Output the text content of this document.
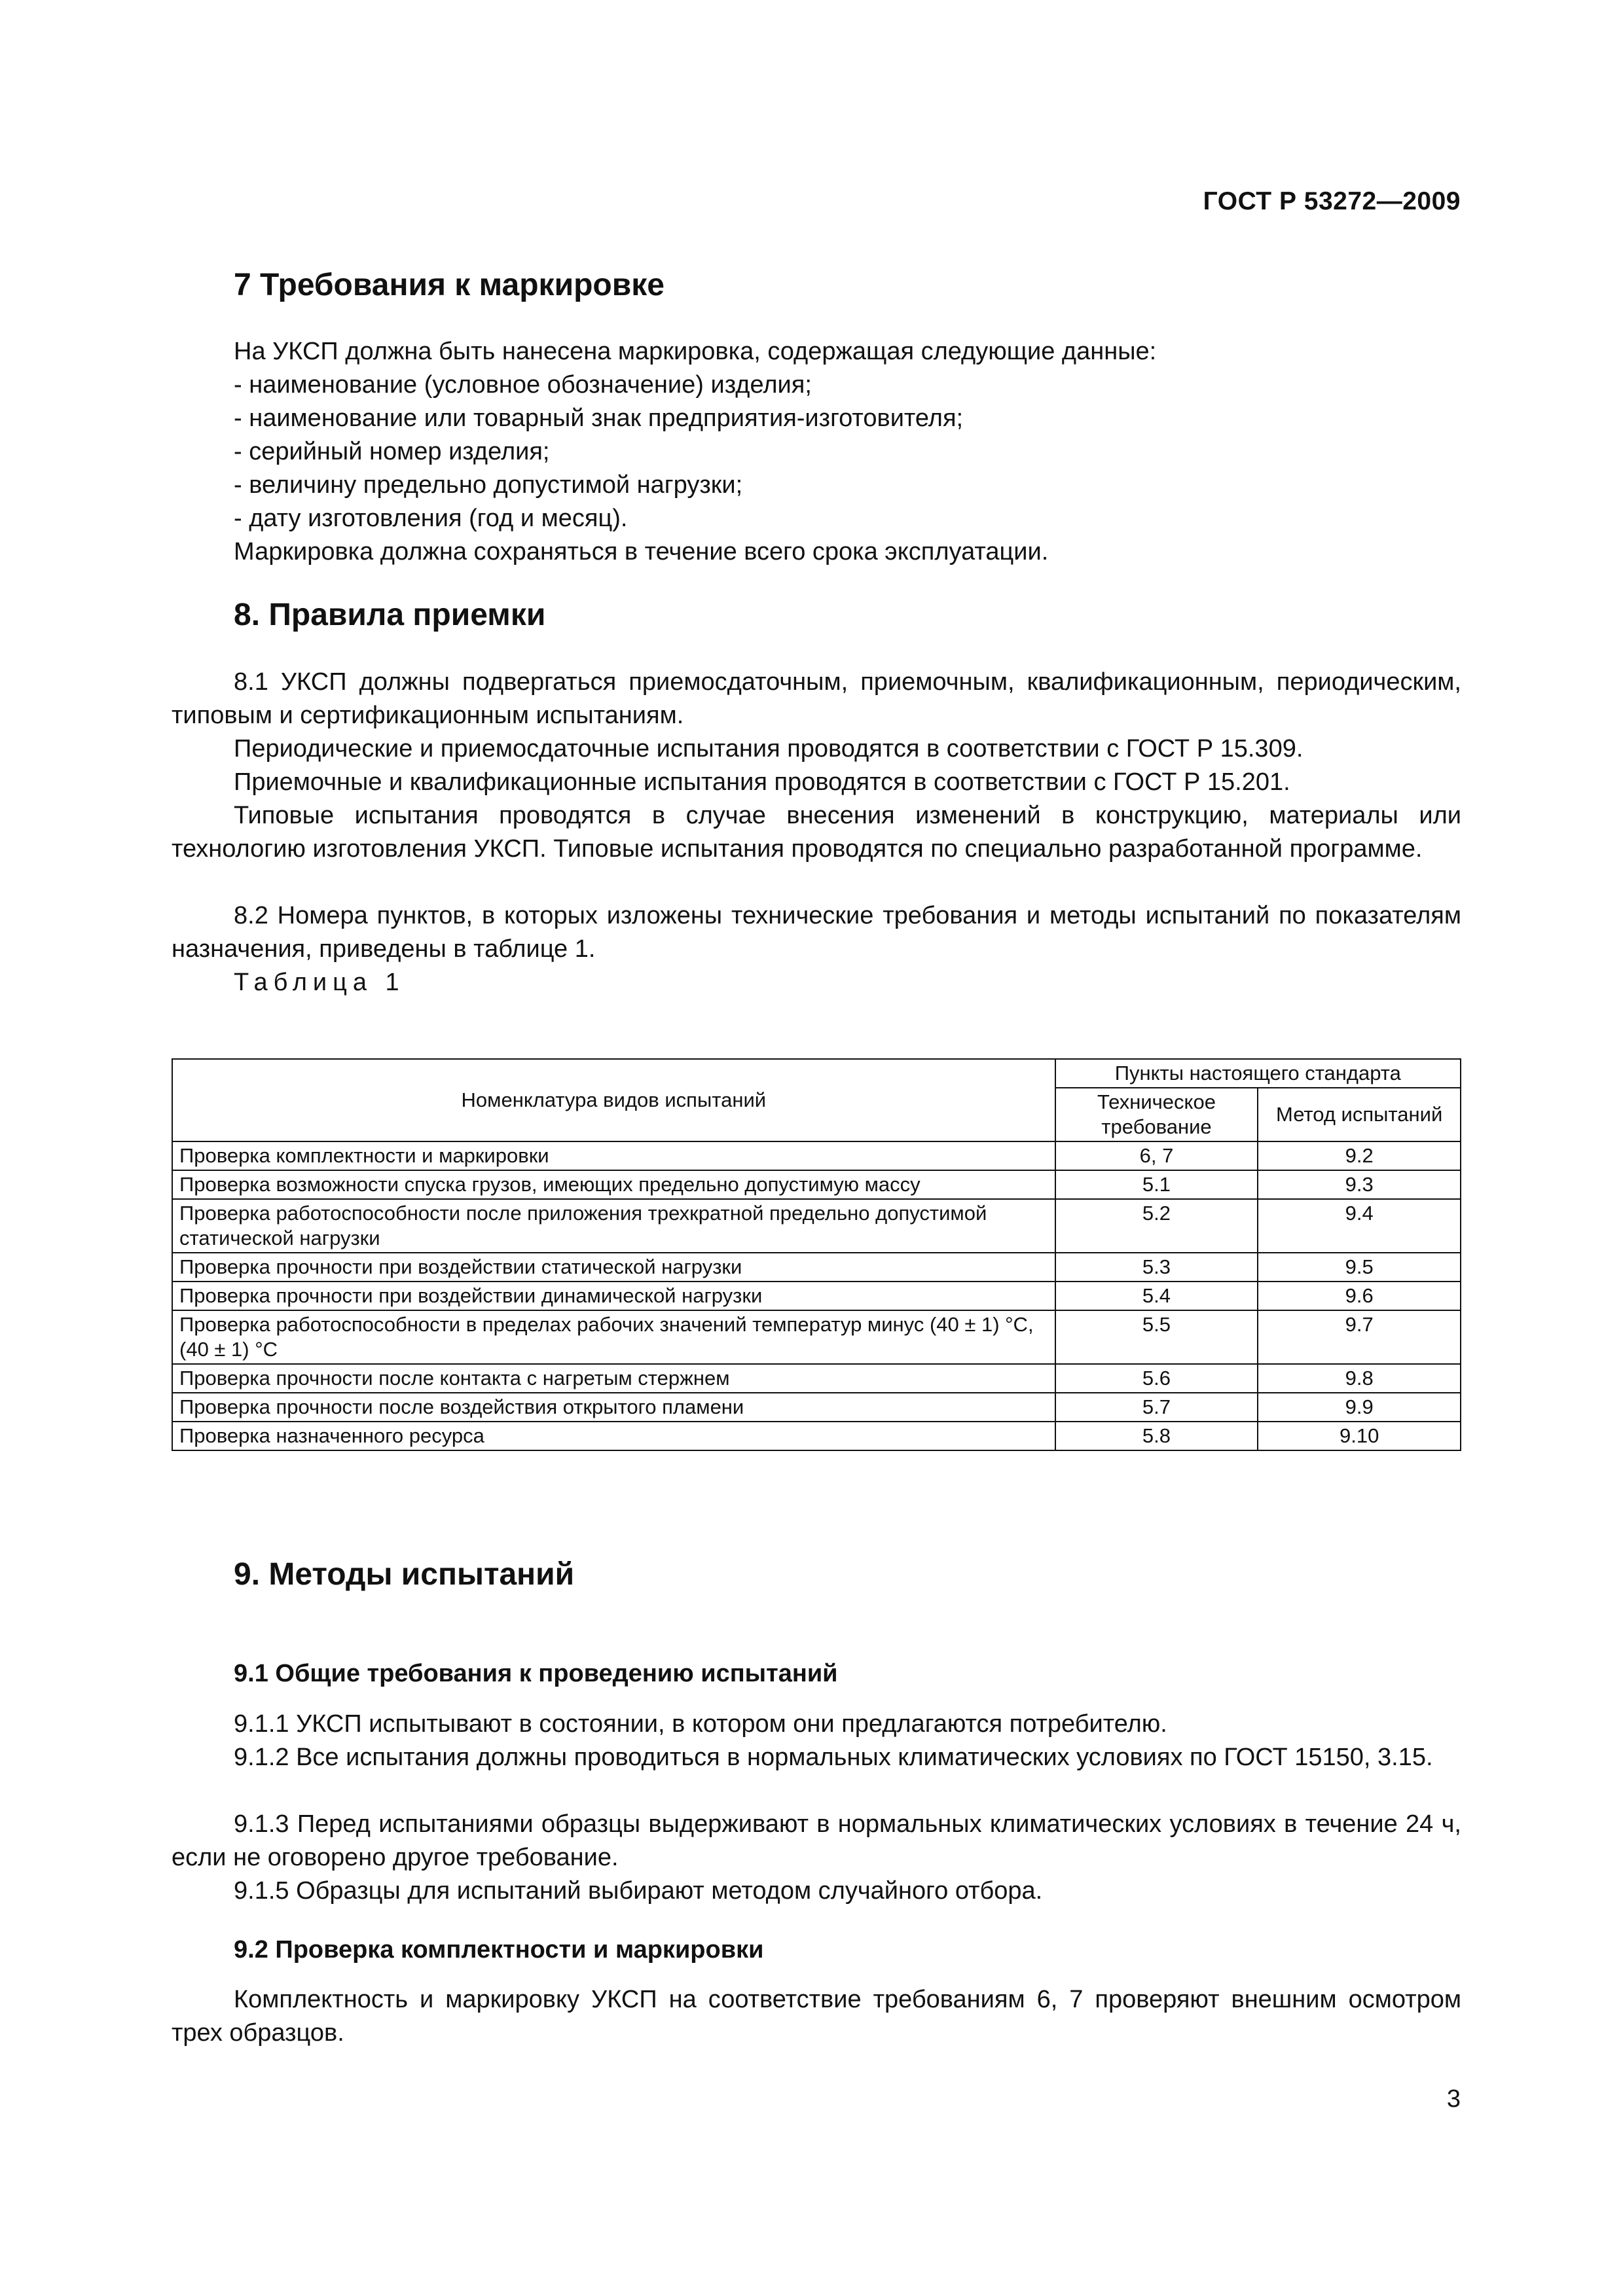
ГОСТ Р 53272—2009
7 Требования к маркировке
На УКСП должна быть нанесена маркировка, содержащая следующие данные:
- наименование (условное обозначение) изделия;
- наименование или товарный знак предприятия-изготовителя;
- серийный номер изделия;
- величину предельно допустимой нагрузки;
- дату изготовления (год и месяц).
Маркировка должна сохраняться в течение всего срока эксплуатации.
8. Правила приемки
8.1 УКСП должны подвергаться приемосдаточным, приемочным, квалификационным, периодическим, типовым и сертификационным испытаниям.
Периодические и приемосдаточные испытания проводятся в соответствии с ГОСТ Р 15.309.
Приемочные и квалификационные испытания проводятся в соответствии с ГОСТ Р 15.201.
Типовые испытания проводятся в случае внесения изменений в конструкцию, материалы или технологию изготовления УКСП. Типовые испытания проводятся по специально разработанной программе.
8.2 Номера пунктов, в которых изложены технические требования и методы испытаний по показателям назначения, приведены в таблице 1.
Таблица 1
Номенклатура видов испытаний	Пункты настоящего стандарта	
	Техническое требование	Метод испытаний
Проверка комплектности и маркировки	6, 7	9.2
Проверка возможности спуска грузов, имеющих предельно допустимую массу	5.1	9.3
Проверка работоспособности после приложения трехкратной предельно допустимой статической нагрузки	5.2	9.4
Проверка прочности при воздействии статической нагрузки	5.3	9.5
Проверка прочности при воздействии динамической нагрузки	5.4	9.6
Проверка работоспособности в пределах рабочих значений температур минус (40 ± 1) °С, (40 ± 1) °С	5.5	9.7
Проверка прочности после контакта с нагретым стержнем	5.6	9.8
Проверка прочности после воздействия открытого пламени	5.7	9.9
Проверка назначенного ресурса	5.8	9.10
9. Методы испытаний
9.1 Общие требования к проведению испытаний
9.1.1 УКСП испытывают в состоянии, в котором они предлагаются потребителю.
9.1.2 Все испытания должны проводиться в нормальных климатических условиях по ГОСТ 15150, 3.15.
9.1.3 Перед испытаниями образцы выдерживают в нормальных климатических условиях в течение 24 ч, если не оговорено другое требование.
9.1.5 Образцы для испытаний выбирают методом случайного отбора.
9.2 Проверка комплектности и маркировки
Комплектность и маркировку УКСП на соответствие требованиям 6, 7 проверяют внешним осмотром трех образцов.
3
